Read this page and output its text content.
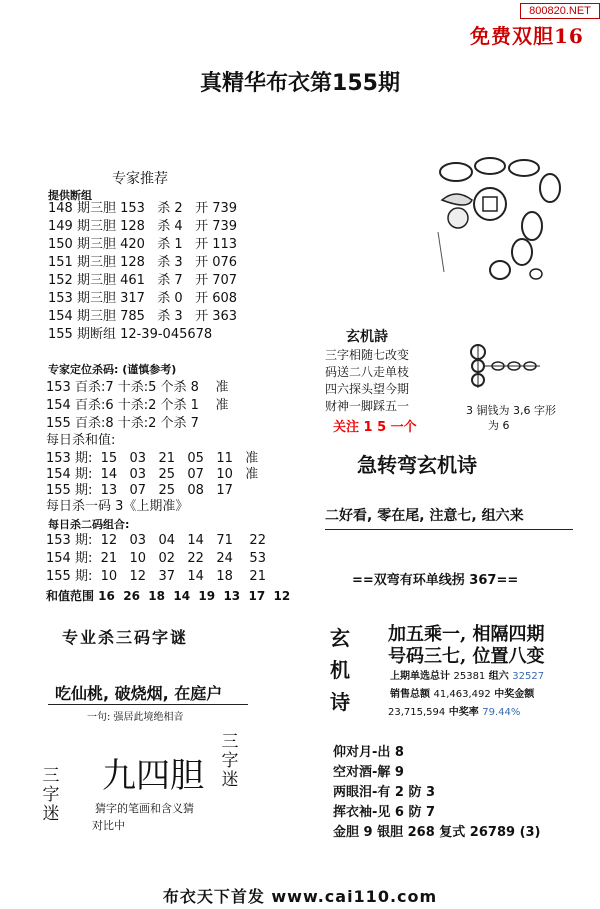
800820.NET
免费双胆16
真精华布衣第155期
专家推荐
提供断组
148 期三胆 153   杀 2   开 739
149 期三胆 128   杀 4   开 739
150 期三胆 420   杀 1   开 113
151 期三胆 128   杀 3   开 076
152 期三胆 461   杀 7   开 707
153 期三胆 317   杀 0   开 608
154 期三胆 785   杀 3   开 363
155 期断组 12-39-045678
专家定位杀码: (谨慎参考)
153 百杀:7 十杀:5 个杀 8    准
154 百杀:6 十杀:2 个杀 1    准
155 百杀:8 十杀:2 个杀 7
每日杀和值:
153 期:  15   03   21   05   11   准
154 期:  14   03   25   07   10   准
155 期:  13   07   25   08   17
每日杀一码 3《上期准》
每日杀二码组合:
153 期:  12   03   04   14   71    22
154 期:  21   10   02   22   24    53
155 期:  10   12   37   14   18    21
和值范围 16  26  18  14  19  13  17  12
玄机詩
三字相随七改变
码送二八走单枝
四六探头望今期
财神一脚踩五一
关注 1 5 一个
3 铜钱为 3,6 字形
为 6
急转弯玄机诗
二好看, 零在尾, 注意七, 组六来
==双弯有环单线拐 367==
专业杀三码字谜
吃仙桃, 破烧烟, 在庭户
一句: 强居此境绝相音
九四胆
猜字的笔画和含义猜
对比中
三
字
迷
三
字
迷
玄
机
诗
加五乘一, 相隔四期
号码三七, 位置八变
上期单选总计 25381 组六 32527
销售总额 41,463,492 中奖金额
23,715,594 中奖率 79.44%
仰对月-出 8
空对酒-解 9
两眼泪-有 2 防 3
挥衣袖-见 6 防 7
金胆 9 银胆 268 复式 26789 (3)
布衣天下首发 www.cai110.com
